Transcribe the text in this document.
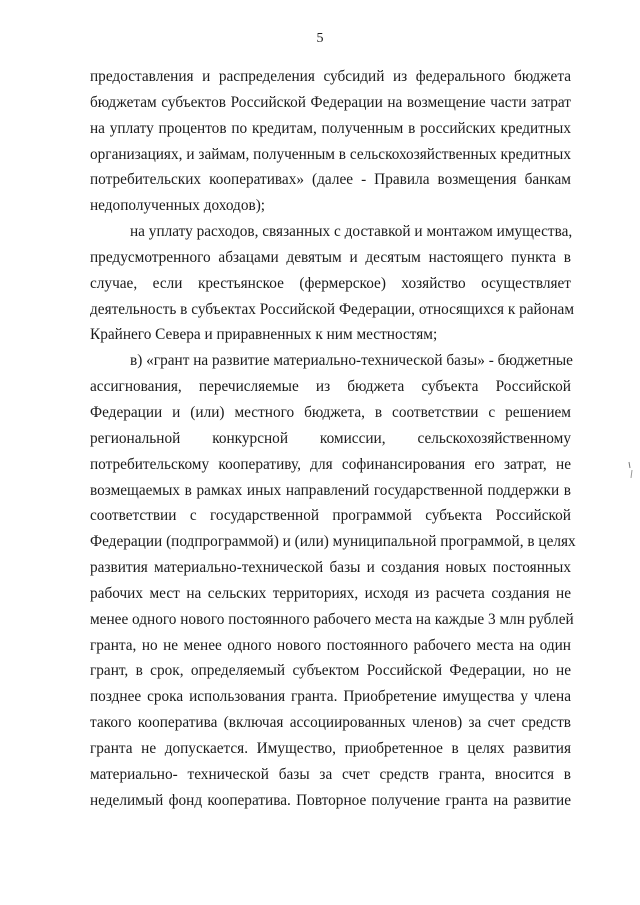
5
предоставления и распределения субсидий из федерального бюджета
бюджетам субъектов Российской Федерации на возмещение части затрат
на уплату процентов по кредитам, полученным в российских кредитных
организациях, и займам, полученным в сельскохозяйственных кредитных
потребительских кооперативах» (далее - Правила возмещения банкам
недополученных доходов);
на уплату расходов, связанных с доставкой и монтажом имущества,
предусмотренного абзацами девятым и десятым настоящего пункта в
случае, если крестьянское (фермерское) хозяйство осуществляет
деятельность в субъектах Российской Федерации, относящихся к районам
Крайнего Севера и приравненных к ним местностям;
в) «грант на развитие материально-технической базы» - бюджетные
ассигнования, перечисляемые из бюджета субъекта Российской
Федерации и (или) местного бюджета, в соответствии с решением
региональной конкурсной комиссии, сельскохозяйственному
потребительскому кооперативу, для софинансирования его затрат, не
возмещаемых в рамках иных направлений государственной поддержки в
соответствии с государственной программой субъекта Российской
Федерации (подпрограммой) и (или) муниципальной программой, в целях
развития материально-технической базы и создания новых постоянных
рабочих мест на сельских территориях, исходя из расчета создания не
менее одного нового постоянного рабочего места на каждые 3 млн рублей
гранта, но не менее одного нового постоянного рабочего места на один
грант, в срок, определяемый субъектом Российской Федерации, но не
позднее срока использования гранта. Приобретение имущества у члена
такого кооператива (включая ассоциированных членов) за счет средств
гранта не допускается. Имущество, приобретенное в целях развития
материально- технической базы за счет средств гранта, вносится в
неделимый фонд кооператива. Повторное получение гранта на развитие
